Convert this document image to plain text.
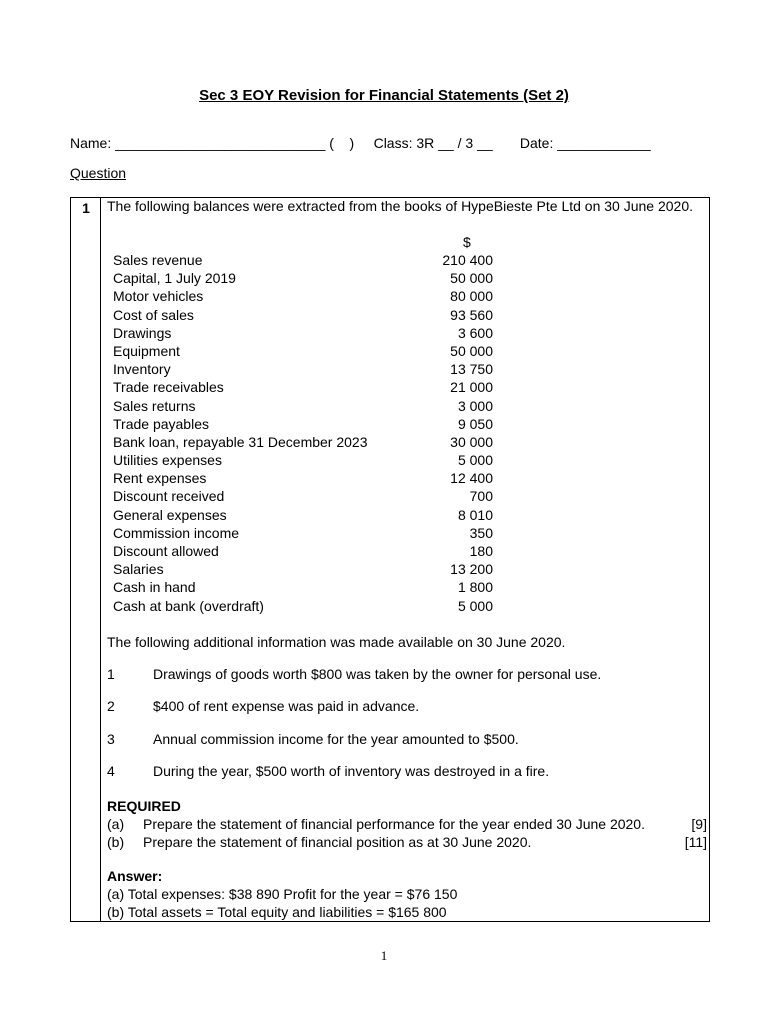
Sec 3 EOY Revision for Financial Statements (Set 2)
Name: ___________________________ (    ) Class: 3R __ / 3 __ Date: ____________
Question
1	The following balances were extracted from the books of HypeBieste Pte Ltd on 30 June 2020.
$
Sales revenue	210 400
Capital, 1 July 2019	50 000
Motor vehicles	80 000
Cost of sales	93 560
Drawings	3 600
Equipment	50 000
Inventory	13 750
Trade receivables	21 000
Sales returns	3 000
Trade payables	9 050
Bank loan, repayable 31 December 2023	30 000
Utilities expenses	5 000
Rent expenses	12 400
Discount received	700
General expenses	8 010
Commission income	350
Discount allowed	180
Salaries	13 200
Cash in hand	1 800
Cash at bank (overdraft)	5 000
The following additional information was made available on 30 June 2020.
1	Drawings of goods worth $800 was taken by the owner for personal use.
2	$400 of rent expense was paid in advance.
3	Annual commission income for the year amounted to $500.
4	During the year, $500 worth of inventory was destroyed in a fire.
REQUIRED
(a)	Prepare the statement of financial performance for the year ended 30 June 2020.	[9]
(b)	Prepare the statement of financial position as at 30 June 2020.	[11]
Answer:
(a) Total expenses: $38 890 Profit for the year = $76 150
(b) Total assets = Total equity and liabilities = $165 800
1
